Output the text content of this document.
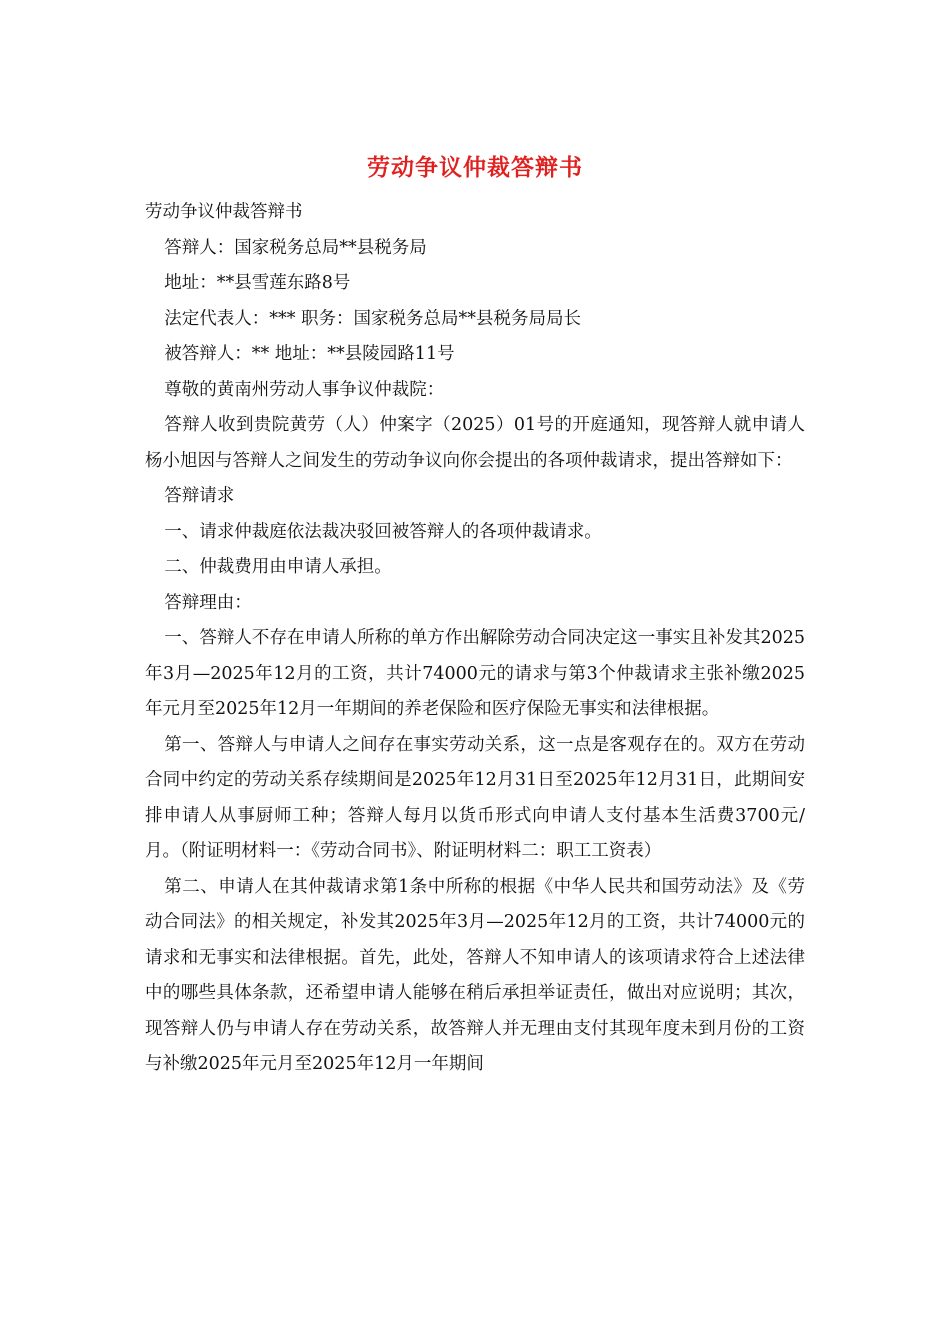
劳动争议仲裁答辩书

劳动争议仲裁答辩书

答辩人：国家税务总局**县税务局

地址：**县雪莲东路8号

法定代表人：*** 职务：国家税务总局**县税务局局长

被答辩人：** 地址：**县陵园路11号

尊敬的黄南州劳动人事争议仲裁院：

答辩人收到贵院黄劳（人）仲案字（2025）01号的开庭通知，现答辩人就申请人 杨小旭因与答辩人之间发生的劳动争议向你会提出的各项仲裁请求，提出答辩如下：

答辩请求

一、请求仲裁庭依法裁决驳回被答辩人的各项仲裁请求。

二、仲裁费用由申请人承担。

答辩理由：

一、答辩人不存在申请人所称的单方作出解除劳动合同决定这一事实且补发其2025年3月—2025年12月的工资，共计74000元的请求与第3个仲裁请求主张补缴2025年元月至2025年12月一年期间的养老保险和医疗保险无事实和法律根据。

第一、答辩人与申请人之间存在事实劳动关系，这一点是客观存在的。双方在劳动合同中约定的劳动关系存续期间是2025年12月31日至2025年12月31日，此期间安排申请人从事厨师工种；答辩人每月以货币形式向申请人支付基本生活费3700元/月。（附证明材料一：《劳动合同书》、附证明材料二：职工工资表）

第二、申请人在其仲裁请求第1条中所称的根据《中华人民共和国劳动法》及《劳动合同法》的相关规定，补发其2025年3月—2025年12月的工资，共计74000元的请求和无事实和法律根据。首先，此处，答辩人不知申请人的该项请求符合上述法律中的哪些具体条款，还希望申请人能够在稍后承担举证责任，做出对应说明；其次，现答辩人仍与申请人存在劳动关系，故答辩人并无理由支付其现年度未到月份的工资与补缴2025年元月至2025年12月一年期间
